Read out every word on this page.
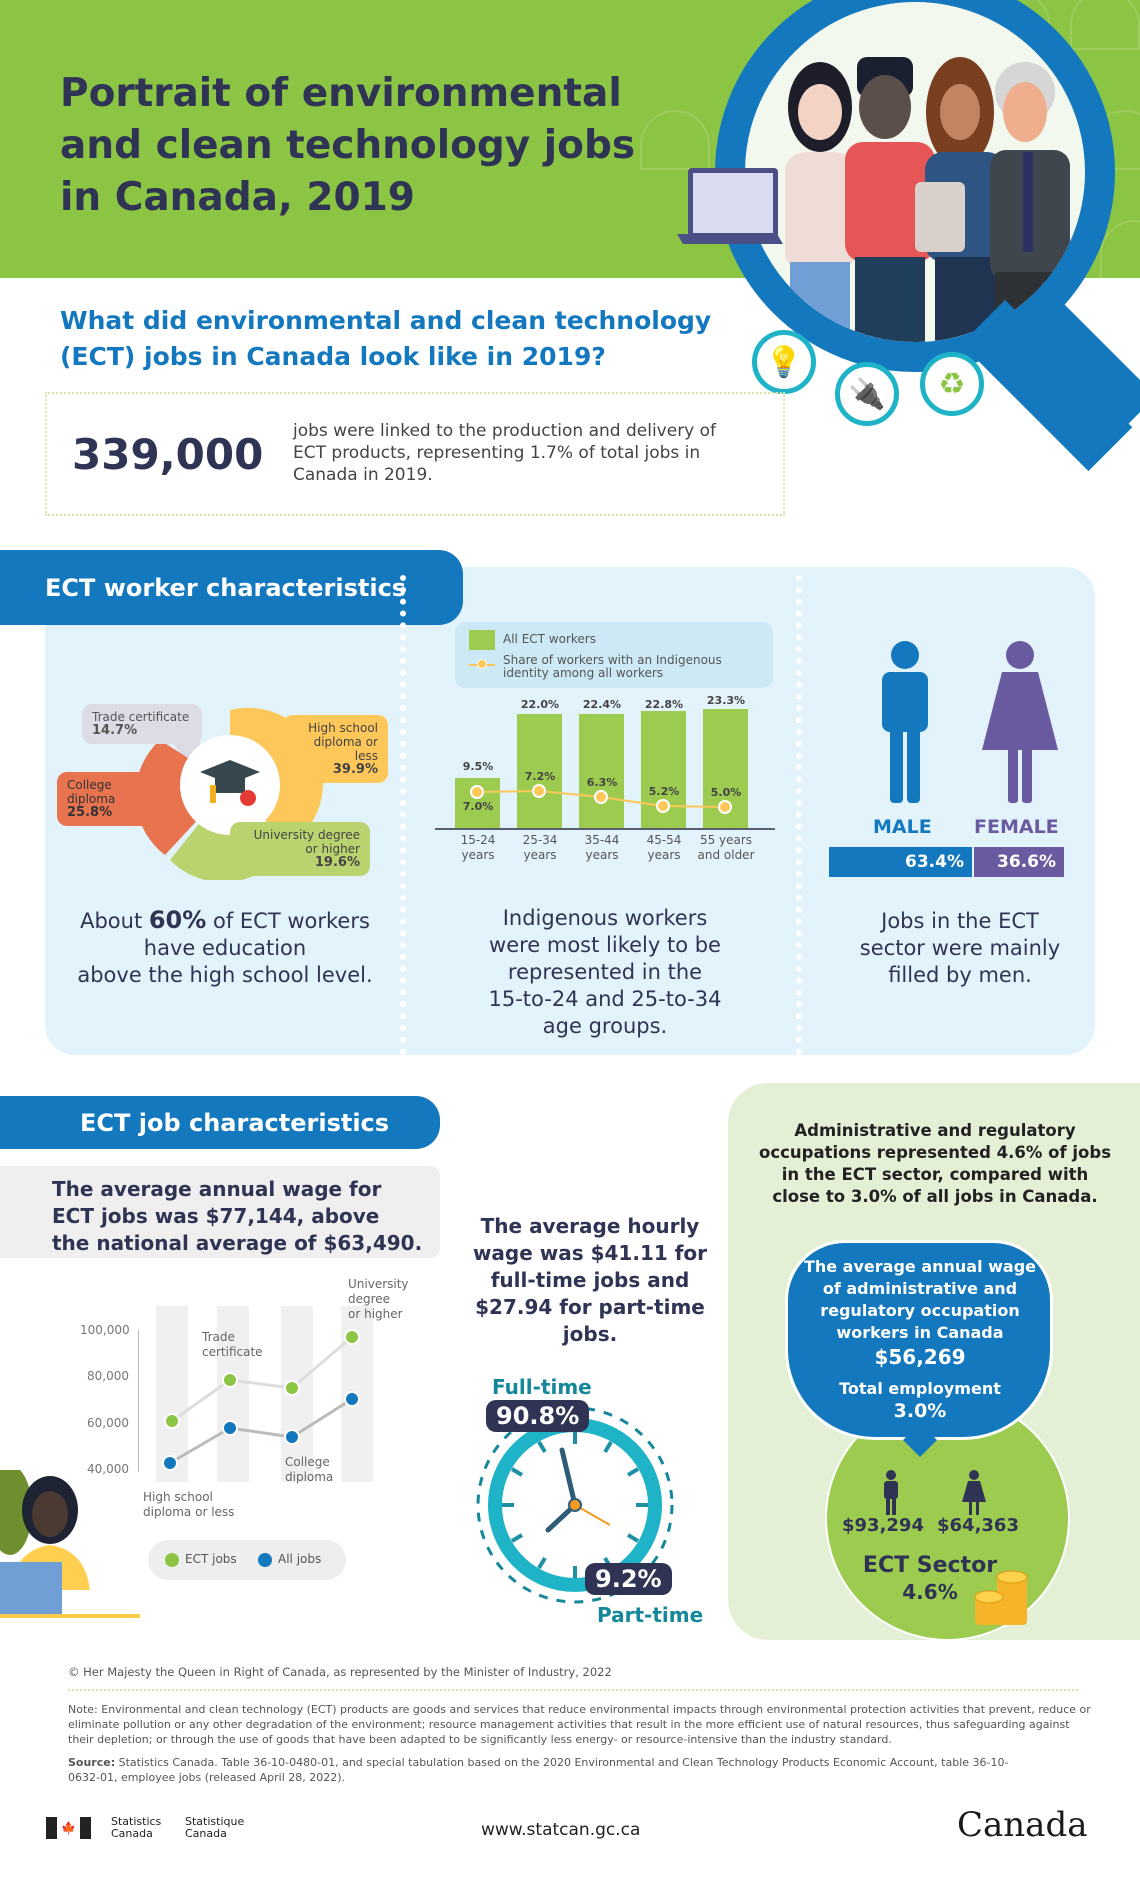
Portrait of environmental
and clean technology jobs
in Canada, 2019
💡
🔌	♻
What did environmental and clean technology
(ECT) jobs in Canada look like in 2019?
339,000 jobs were linked to the production and delivery of
ECT products, representing 1.7% of total jobs in
Canada in 2019.
ECT worker characteristics
Trade certificate
14.7%	High school
diploma or less
39.9%
College diploma
25.8%
University degree
or higher
19.6%
About 60% of ECT workers
have education
above the high school level.
All ECT workers
Share of workers with an Indigenous
identity among all workers
9.5%
22.0%	22.4%	22.8%	23.3%
7.0%
7.2%	6.3%
5.2%	5.0%
15-24
years
25-34
years
35-44
years
45-54
years
55 years
and older
Indigenous workers
were most likely to be
represented in the
15-to-24 and 25-to-34
age groups.
MALE FEMALE
63.4% 36.6%
Jobs in the ECT
sector were mainly
filled by men.
ECT job characteristics
The average annual wage for
ECT jobs was $77,144, above
the national average of $63,490.
100,000
80,000
60,000
40,000
High school
diploma or less
Trade
certificate
College
diploma
University
degree
or higher
ECT jobs	All jobs
The average hourly
wage was $41.11 for
full-time jobs and
$27.94 for part-time
jobs.
Full-time
90.8%
9.2%
Part-time
Administrative and regulatory
occupations represented 4.6% of jobs
in the ECT sector, compared with
close to 3.0% of all jobs in Canada.
The average annual wage
of administrative and
regulatory occupation
workers in Canada
$56,269
Total employment
3.0%
$93,294 $64,363
ECT Sector
4.6%
© Her Majesty the Queen in Right of Canada, as represented by the Minister of Industry, 2022
Note: Environmental and clean technology (ECT) products are goods and services that reduce environmental impacts through environmental protection activities that prevent, reduce or eliminate pollution or any other degradation of the environment; resource management activities that result in the more efficient use of natural resources, thus safeguarding against their depletion; or through the use of goods that have been adapted to be significantly less energy- or resource-intensive than the industry standard.
Source: Statistics Canada. Table 36-10-0480-01, and special tabulation based on the 2020 Environmental and Clean Technology Products Economic Account, table 36-10-0632-01, employee jobs (released April 28, 2022).
🍁	Statistics
Canada
Statistique
Canada	www.statcan.gc.ca	Canada
